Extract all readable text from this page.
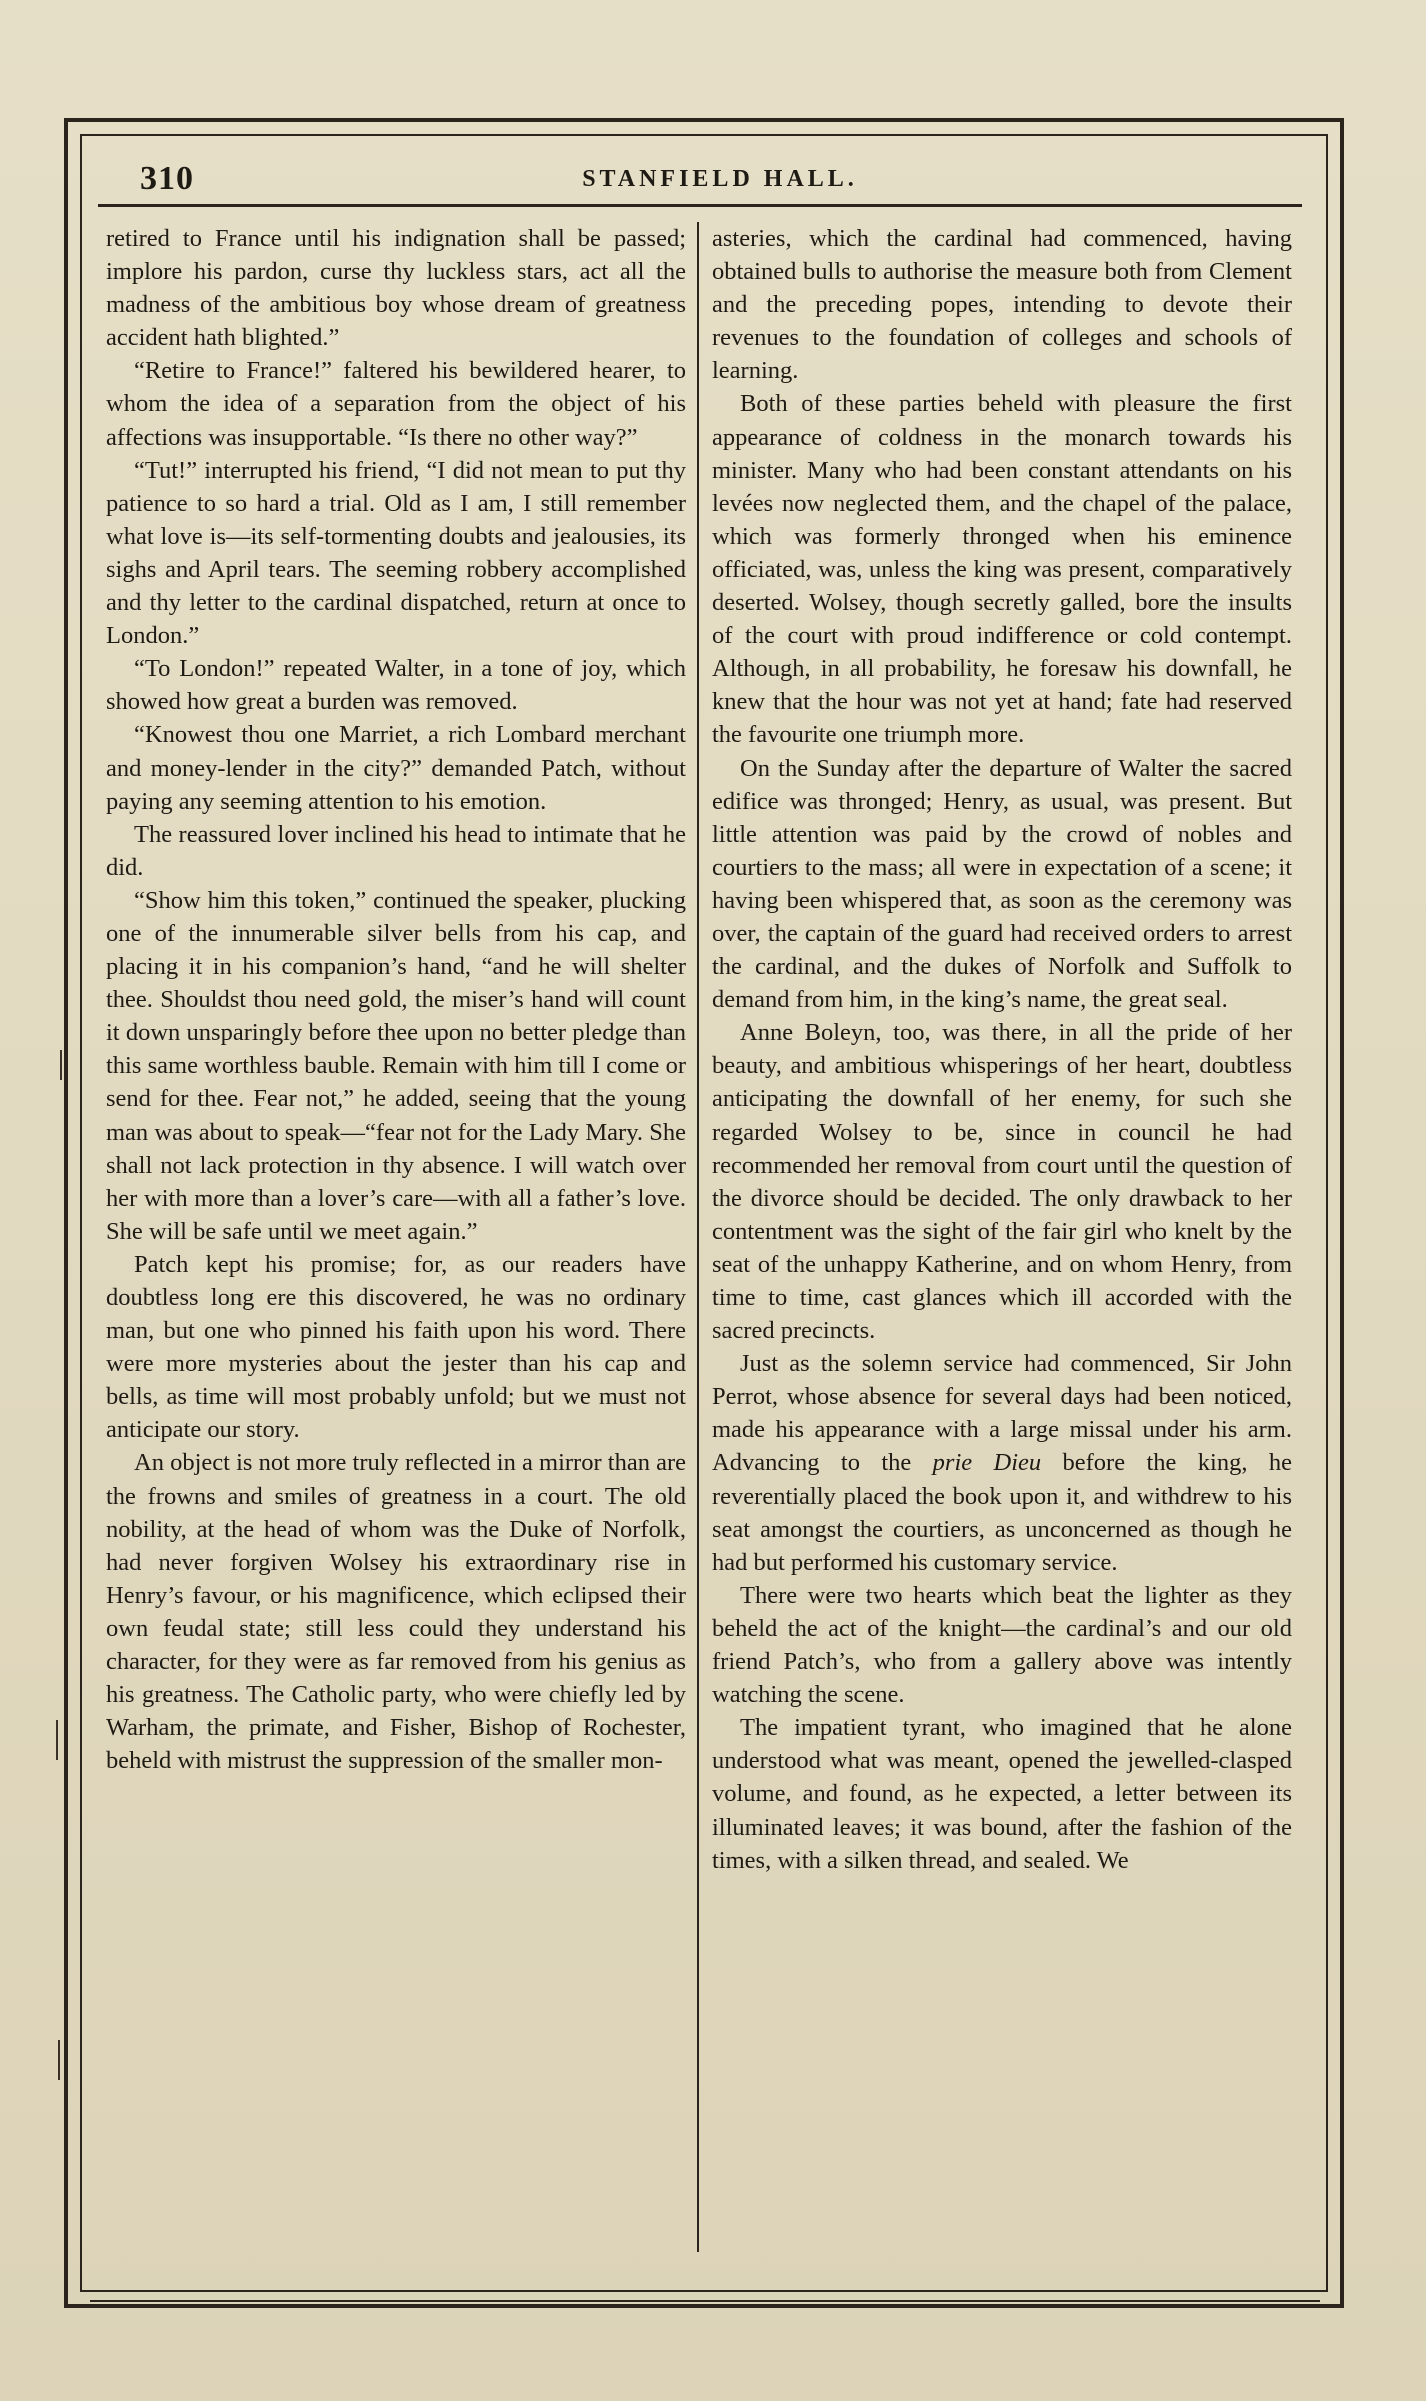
310	STANFIELD HALL.

retired to France until his indignation shall be passed; implore his pardon, curse thy luckless stars, act all the madness of the ambitious boy whose dream of greatness accident hath blighted.”

“Retire to France!” faltered his bewildered hearer, to whom the idea of a separation from the object of his affections was insupportable. “Is there no other way?”

“Tut!” interrupted his friend, “I did not mean to put thy patience to so hard a trial. Old as I am, I still remember what love is—its self-tormenting doubts and jealousies, its sighs and April tears. The seeming robbery accomplished and thy letter to the cardinal dispatched, return at once to London.”

“To London!” repeated Walter, in a tone of joy, which showed how great a burden was removed.

“Knowest thou one Marriet, a rich Lombard merchant and money-lender in the city?” demanded Patch, without paying any seeming attention to his emotion.

The reassured lover inclined his head to intimate that he did.

“Show him this token,” continued the speaker, plucking one of the innumerable silver bells from his cap, and placing it in his companion’s hand, “and he will shelter thee. Shouldst thou need gold, the miser’s hand will count it down unsparingly before thee upon no better pledge than this same worthless bauble. Remain with him till I come or send for thee. Fear not,” he added, seeing that the young man was about to speak—“fear not for the Lady Mary. She shall not lack protection in thy absence. I will watch over her with more than a lover’s care—with all a father’s love. She will be safe until we meet again.”

Patch kept his promise; for, as our readers have doubtless long ere this discovered, he was no ordinary man, but one who pinned his faith upon his word. There were more mysteries about the jester than his cap and bells, as time will most probably unfold; but we must not anticipate our story.

An object is not more truly reflected in a mirror than are the frowns and smiles of greatness in a court. The old nobility, at the head of whom was the Duke of Norfolk, had never forgiven Wolsey his extraordinary rise in Henry’s favour, or his magnificence, which eclipsed their own feudal state; still less could they understand his character, for they were as far removed from his genius as his greatness. The Catholic party, who were chiefly led by Warham, the primate, and Fisher, Bishop of Rochester, beheld with mistrust the suppression of the smaller mon-

asteries, which the cardinal had commenced, having obtained bulls to authorise the measure both from Clement and the preceding popes, intending to devote their revenues to the foundation of colleges and schools of learning.

Both of these parties beheld with pleasure the first appearance of coldness in the monarch towards his minister. Many who had been constant attendants on his levées now neglected them, and the chapel of the palace, which was formerly thronged when his eminence officiated, was, unless the king was present, comparatively deserted. Wolsey, though secretly galled, bore the insults of the court with proud indifference or cold contempt. Although, in all probability, he foresaw his downfall, he knew that the hour was not yet at hand; fate had reserved the favourite one triumph more.

On the Sunday after the departure of Walter the sacred edifice was thronged; Henry, as usual, was present. But little attention was paid by the crowd of nobles and courtiers to the mass; all were in expectation of a scene; it having been whispered that, as soon as the ceremony was over, the captain of the guard had received orders to arrest the cardinal, and the dukes of Norfolk and Suffolk to demand from him, in the king’s name, the great seal.

Anne Boleyn, too, was there, in all the pride of her beauty, and ambitious whisperings of her heart, doubtless anticipating the downfall of her enemy, for such she regarded Wolsey to be, since in council he had recommended her removal from court until the question of the divorce should be decided. The only drawback to her contentment was the sight of the fair girl who knelt by the seat of the unhappy Katherine, and on whom Henry, from time to time, cast glances which ill accorded with the sacred precincts.

Just as the solemn service had commenced, Sir John Perrot, whose absence for several days had been noticed, made his appearance with a large missal under his arm. Advancing to the prie Dieu before the king, he reverentially placed the book upon it, and withdrew to his seat amongst the courtiers, as unconcerned as though he had but performed his customary service.

There were two hearts which beat the lighter as they beheld the act of the knight—the cardinal’s and our old friend Patch’s, who from a gallery above was intently watching the scene.

The impatient tyrant, who imagined that he alone understood what was meant, opened the jewelled-clasped volume, and found, as he expected, a letter between its illuminated leaves; it was bound, after the fashion of the times, with a silken thread, and sealed. We
